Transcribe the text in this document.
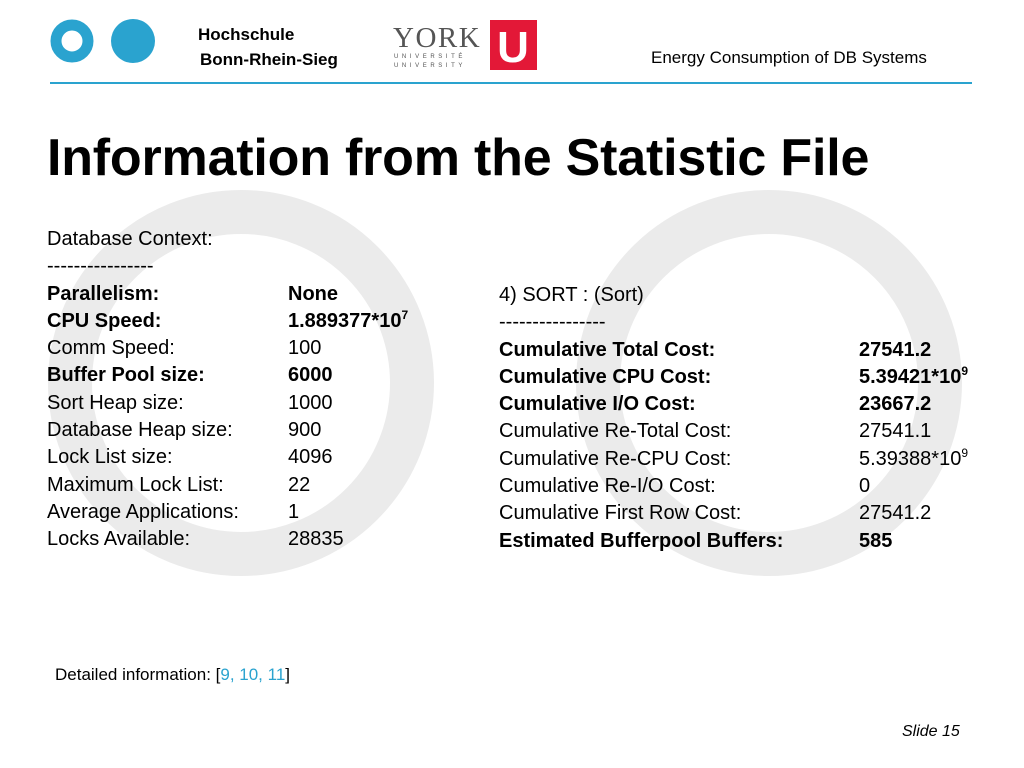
Hochschule
Bonn-Rhein-Sieg
YORK
UNIVERSITÉ
UNIVERSITY U	Energy Consumption of DB Systems
Information from the Statistic File
Database Context:
----------------
Parallelism:	None
CPU Speed:	$1.889377*10^7$
Comm Speed:	100
Buffer Pool size:	6000
Sort Heap size:	1000
Database Heap size:	900
Lock List size:	4096
Maximum Lock List:	22
Average Applications:	1
Locks Available:	28835
4) SORT : (Sort)
----------------
Cumulative Total Cost:	27541.2
Cumulative CPU Cost:	$5.39421*10^9$
Cumulative I/O Cost:	23667.2
Cumulative Re-Total Cost:	27541.1
Cumulative Re-CPU Cost:	$5.39388*10^9$
Cumulative Re-I/O Cost:	0
Cumulative First Row Cost:	27541.2
Estimated Bufferpool Buffers:	585
Detailed information: [9, 10, 11]
Slide 15
